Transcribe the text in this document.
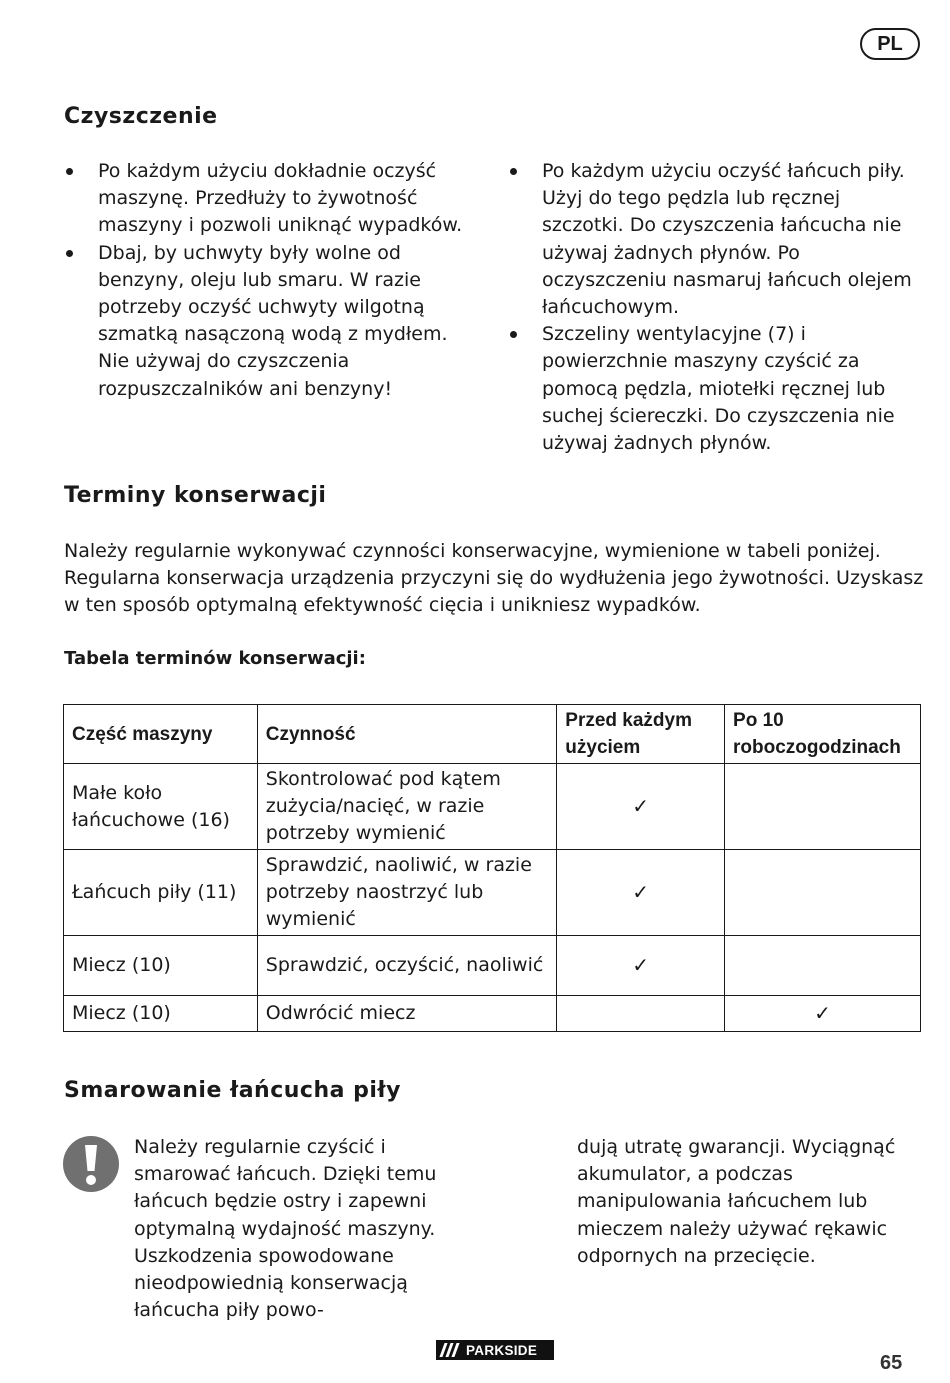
PL
Czyszczenie
Po każdym użyciu dokładnie oczyść maszynę. Przedłuży to żywotność maszyny i pozwoli uniknąć wypadków.
Dbaj, by uchwyty były wolne od benzyny, oleju lub smaru. W razie potrzeby oczyść uchwyty wilgotną szmatką nasączoną wodą z mydłem. Nie używaj do czyszczenia rozpuszczalników ani benzyny!
Po każdym użyciu oczyść łańcuch piły. Użyj do tego pędzla lub ręcznej szczotki. Do czyszczenia łańcucha nie używaj żadnych płynów. Po oczyszczeniu nasmaruj łańcuch olejem łańcuchowym.
Szczeliny wentylacyjne (7) i powierzchnie maszyny czyścić za pomocą pędzla, miotełki ręcznej lub suchej ściereczki. Do czyszczenia nie używaj żadnych płynów.
Terminy konserwacji
Należy regularnie wykonywać czynności konserwacyjne, wymienione w tabeli poniżej. Regularna konserwacja urządzenia przyczyni się do wydłużenia jego żywotności. Uzyskasz w ten sposób optymalną efektywność cięcia i unikniesz wypadków.
Tabela terminów konserwacji:
Część maszyny	Czynność	Przed każdym użyciem	Po 10 roboczogodzinach
Małe koło łańcuchowe (16)	Skontrolować pod kątem zużycia/nacięć, w razie potrzeby wymienić	✓	
Łańcuch piły (11)	Sprawdzić, naoliwić, w razie potrzeby naostrzyć lub wymienić	✓	
Miecz (10)	Sprawdzić, oczyścić, naoliwić	✓	
Miecz (10)	Odwrócić miecz		✓
Smarowanie łańcucha piły
Należy regularnie czyścić i smarować łańcuch. Dzięki temu łańcuch będzie ostry i zapewni optymalną wydajność maszyny. Uszkodzenia spowodowane nieodpowiednią konserwacją łańcucha piły powo-
dują utratę gwarancji. Wyciągnąć akumulator, a podczas manipulowania łańcuchem lub mieczem należy używać rękawic odpornych na przecięcie.
PARKSIDE
65
